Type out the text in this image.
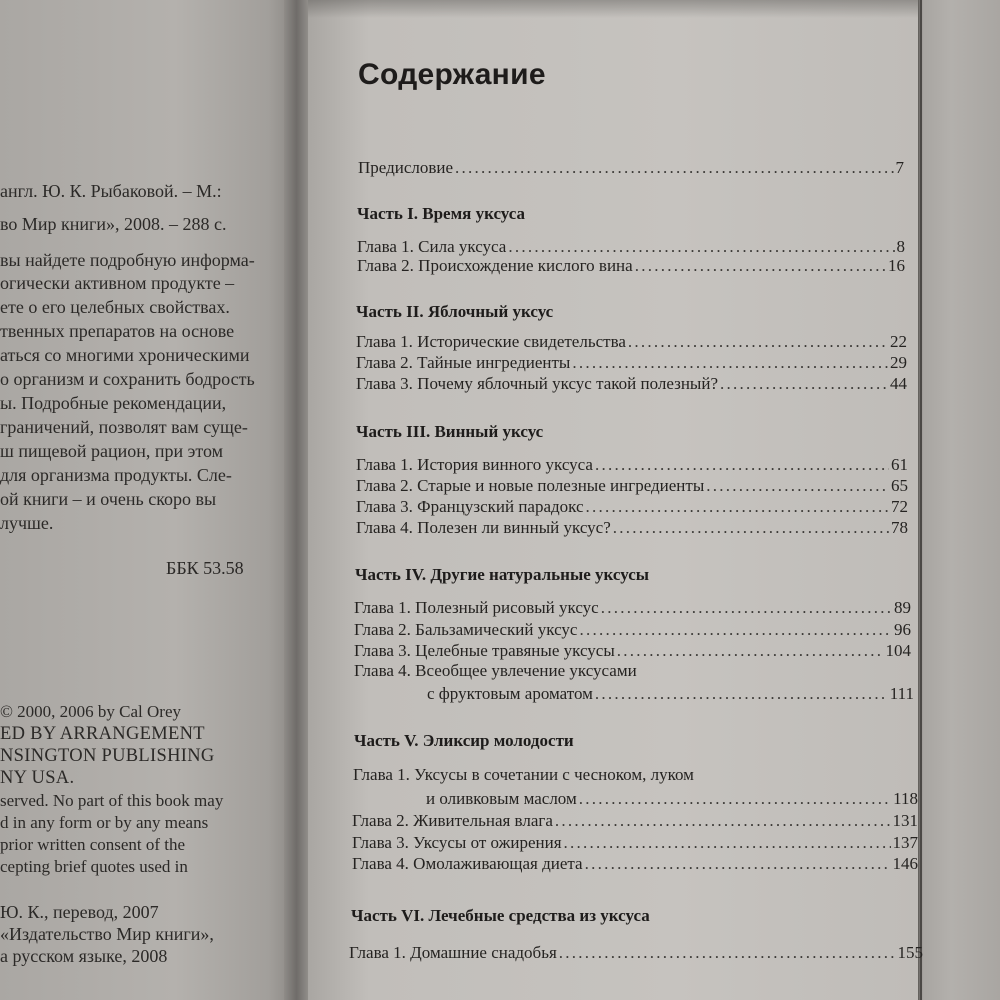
англ. Ю. К. Рыбаковой. – М.:
во Мир книги», 2008. – 288 с.
вы найдете подробную информа-
огически активном продукте –
ете о его целебных свойствах.
твенных препаратов на основе
аться со многими хроническими
о организм и сохранить бодрость
ы. Подробные рекомендации,
граничений, позволят вам суще-
ш пищевой рацион, при этом
для организма продукты. Сле-
ой книги – и очень скоро вы
лучше.
ББК 53.58
© 2000, 2006 by Cal Orey
ED BY ARRANGEMENT
NSINGTON PUBLISHING
NY USA.
served. No part of this book may
d in any form or by any means
prior written consent of the
cepting brief quotes used in
Ю. К., перевод, 2007
«Издательство Мир книги»,
а русском языке, 2008
Содержание
Предисловие . . .	7
Часть I. Время уксуса
Глава 1. Сила уксуса . . .	8
Глава 2. Происхождение кислого вина . . .	16
Часть II. Яблочный уксус
Глава 1. Исторические свидетельства . . .	22
Глава 2. Тайные ингредиенты . . .	29
Глава 3. Почему яблочный уксус такой полезный? . . .	44
Часть III. Винный уксус
Глава 1. История винного уксуса . . .	61
Глава 2. Старые и новые полезные ингредиенты . . .	65
Глава 3. Французский парадокс . . .	72
Глава 4. Полезен ли винный уксус? . . .	78
Часть IV. Другие натуральные уксусы
Глава 1. Полезный рисовый уксус . . .	89
Глава 2. Бальзамический уксус . . .	96
Глава 3. Целебные травяные уксусы . . .	104
Глава 4. Всеобщее увлечение уксусами
с фруктовым ароматом . . .	111
Часть V. Эликсир молодости
Глава 1. Уксусы в сочетании с чесноком, луком
и оливковым маслом . . .	118
Глава 2. Живительная влага . . .	131
Глава 3. Уксусы от ожирения . . .	137
Глава 4. Омолаживающая диета . . .	146
Часть VI. Лечебные средства из уксуса
Глава 1. Домашние снадобья . . .	155
